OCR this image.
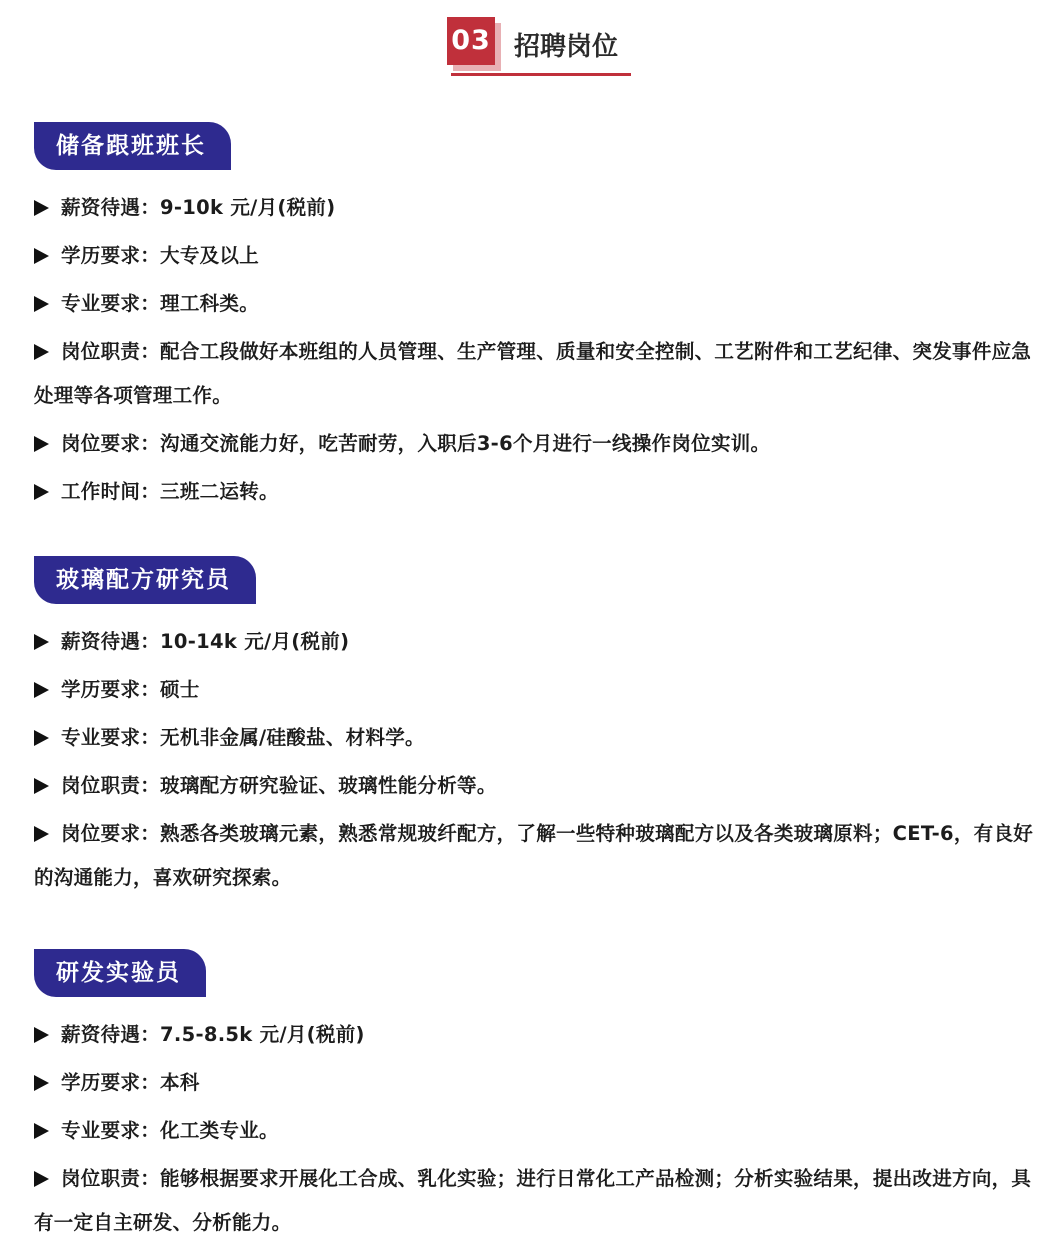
03 招聘岗位
储备跟班班长
薪资待遇：9-10k 元/月(税前)
学历要求：大专及以上
专业要求：理工科类。
岗位职责：配合工段做好本班组的人员管理、生产管理、质量和安全控制、工艺附件和工艺纪律、突发事件应急处理等各项管理工作。
岗位要求：沟通交流能力好，吃苦耐劳，入职后3-6个月进行一线操作岗位实训。
工作时间：三班二运转。
玻璃配方研究员
薪资待遇：10-14k 元/月(税前)
学历要求：硕士
专业要求：无机非金属/硅酸盐、材料学。
岗位职责：玻璃配方研究验证、玻璃性能分析等。
岗位要求：熟悉各类玻璃元素，熟悉常规玻纤配方，了解一些特种玻璃配方以及各类玻璃原料；CET-6，有良好的沟通能力，喜欢研究探索。
研发实验员
薪资待遇：7.5-8.5k 元/月(税前)
学历要求：本科
专业要求：化工类专业。
岗位职责：能够根据要求开展化工合成、乳化实验；进行日常化工产品检测；分析实验结果，提出改进方向，具有一定自主研发、分析能力。
